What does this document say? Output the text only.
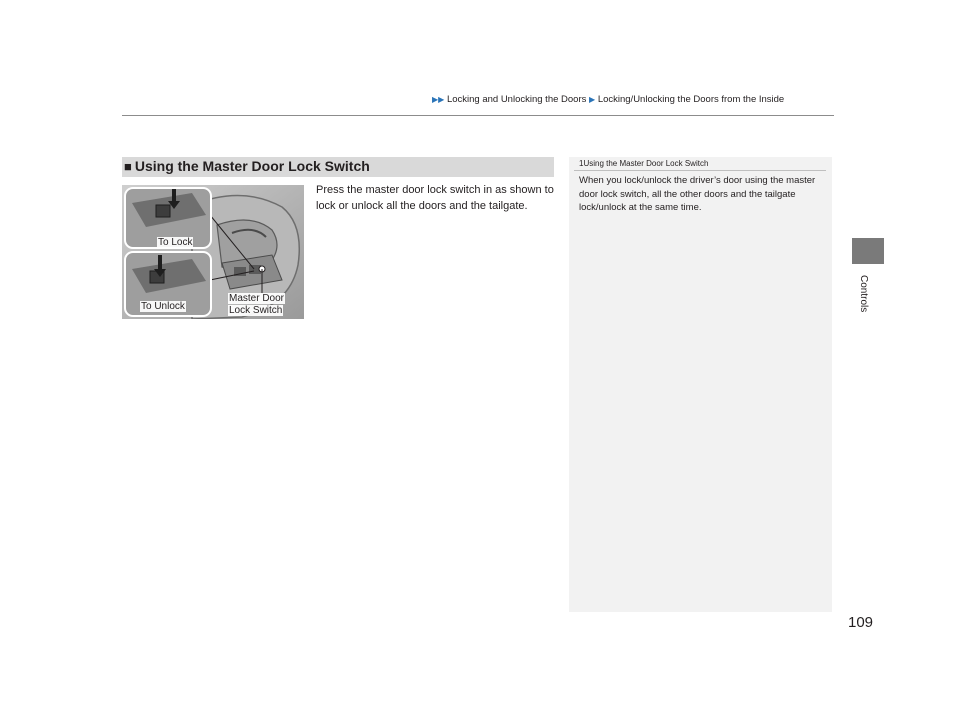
▶▶ Locking and Unlocking the Doors ▶ Locking/Unlocking the Doors from the Inside
Controls
■ Using the Master Door Lock Switch
To Lock
To Unlock
Master Door
Lock Switch
Press the master door lock switch in as shown to lock or unlock all the doors and the tailgate.
1Using the Master Door Lock Switch
When you lock/unlock the driver’s door using the master door lock switch, all the other doors and the tailgate lock/unlock at the same time.
109
